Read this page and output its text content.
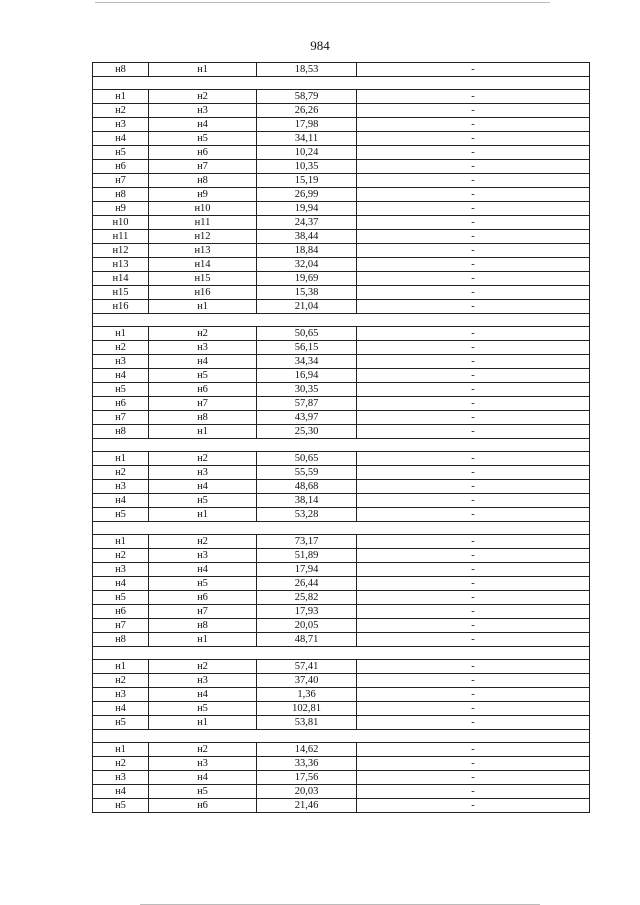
984
н8	н1	18,53	-

н1	н2	58,79	-
н2	н3	26,26	-
н3	н4	17,98	-
н4	н5	34,11	-
н5	н6	10,24	-
н6	н7	10,35	-
н7	н8	15,19	-
н8	н9	26,99	-
н9	н10	19,94	-
н10	н11	24,37	-
н11	н12	38,44	-
н12	н13	18,84	-
н13	н14	32,04	-
н14	н15	19,69	-
н15	н16	15,38	-
н16	н1	21,04	-

н1	н2	50,65	-
н2	н3	56,15	-
н3	н4	34,34	-
н4	н5	16,94	-
н5	н6	30,35	-
н6	н7	57,87	-
н7	н8	43,97	-
н8	н1	25,30	-

н1	н2	50,65	-
н2	н3	55,59	-
н3	н4	48,68	-
н4	н5	38,14	-
н5	н1	53,28	-

н1	н2	73,17	-
н2	н3	51,89	-
н3	н4	17,94	-
н4	н5	26,44	-
н5	н6	25,82	-
н6	н7	17,93	-
н7	н8	20,05	-
н8	н1	48,71	-

н1	н2	57,41	-
н2	н3	37,40	-
н3	н4	1,36	-
н4	н5	102,81	-
н5	н1	53,81	-

н1	н2	14,62	-
н2	н3	33,36	-
н3	н4	17,56	-
н4	н5	20,03	-
н5	н6	21,46	-
